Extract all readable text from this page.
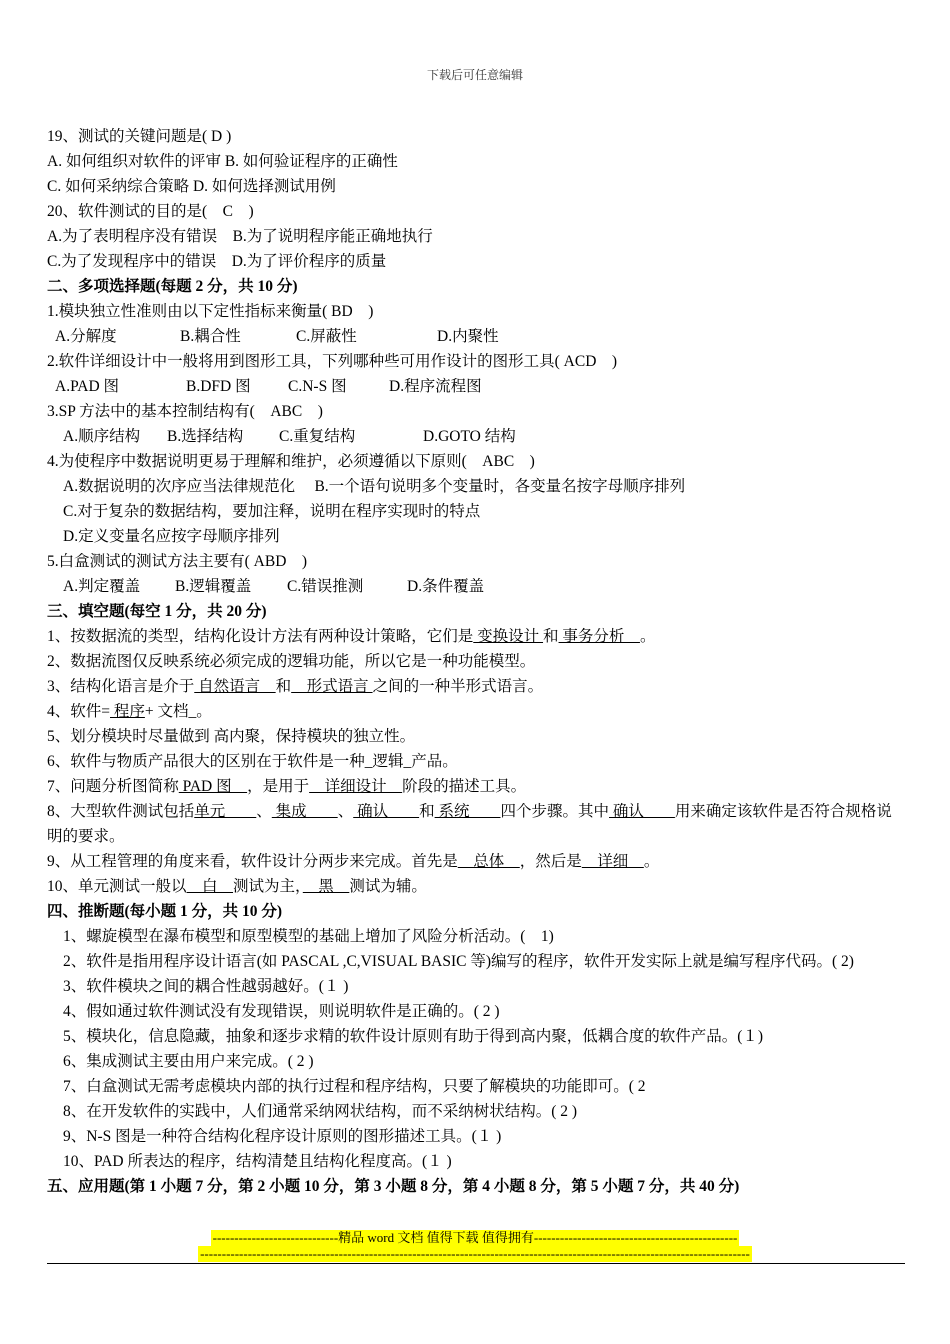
下载后可任意编辑
19、测试的关键问题是( D )
A. 如何组织对软件的评审 B. 如何验证程序的正确性
C. 如何采纳综合策略 D. 如何选择测试用例
20、软件测试的目的是(　C　)
A.为了表明程序没有错误　B.为了说明程序能正确地执行
C.为了发现程序中的错误　D.为了评价程序的质量
二、多项选择题(每题 2 分，共 10 分)
1.模块独立性准则由以下定性指标来衡量( BD　)
A.分解度	B.耦合性	C.屏蔽性	D.内聚性
2.软件详细设计中一般将用到图形工具，下列哪种些可用作设计的图形工具( ACD　)
A.PAD 图	B.DFD 图 C.N-S 图	D.程序流程图
3.SP 方法中的基本控制结构有(　ABC　)
A.顺序结构 B.选择结构 C.重复结构	D.GOTO 结构
4.为使程序中数据说明更易于理解和维护，必须遵循以下原则(　ABC　)
A.数据说明的次序应当法律规范化　 B.一个语句说明多个变量时，各变量名按字母顺序排列
C.对于复杂的数据结构，要加注释，说明在程序实现时的特点
D.定义变量名应按字母顺序排列
5.白盒测试的测试方法主要有( ABD　)
A.判定覆盖 B.逻辑覆盖 C.错误推测	D.条件覆盖
三、填空题(每空 1 分，共 20 分)
1、按数据流的类型，结构化设计方法有两种设计策略，它们是 变换设计 和 事务分析　。
2、数据流图仅反映系统必须完成的逻辑功能，所以它是一种功能模型。
3、结构化语言是介于 自然语言　和　形式语言 之间的一种半形式语言。
4、软件= 程序+ 文档_。
5、划分模块时尽量做到 高内聚，保持模块的独立性。
6、软件与物质产品很大的区别在于软件是一种_逻辑_产品。
7、问题分析图简称 PAD 图　，是用于　详细设计　阶段的描述工具。
8、大型软件测试包括单元　　、 集成　　、 确认　　和 系统　　四个步骤。其中 确认　　用来确定该软件是否符合规格说明的要求。
9、从工程管理的角度来看，软件设计分两步来完成。首先是　总体　，然后是　详细　。
10、单元测试一般以　白　测试为主，　黑　测试为辅。
四、推断题(每小题 1 分，共 10 分)
1、螺旋模型在瀑布模型和原型模型的基础上增加了风险分析活动。(　1)
2、软件是指用程序设计语言(如 PASCAL ,C,VISUAL BASIC 等)编写的程序，软件开发实际上就是编写程序代码。( 2)
3、软件模块之间的耦合性越弱越好。(１ )
4、假如通过软件测试没有发现错误，则说明软件是正确的。( 2 )
5、模块化，信息隐藏，抽象和逐步求精的软件设计原则有助于得到高内聚，低耦合度的软件产品。(１)
6、集成测试主要由用户来完成。( 2 )
7、白盒测试无需考虑模块内部的执行过程和程序结构，只要了解模块的功能即可。( 2
8、在开发软件的实践中，人们通常采纳网状结构，而不采纳树状结构。( 2 )
9、N-S 图是一种符合结构化程序设计原则的图形描述工具。(１ )
10、PAD 所表达的程序，结构清楚且结构化程度高。(１ )
五、应用题(第 1 小题 7 分，第 2 小题 10 分，第 3 小题 8 分，第 4 小题 8 分，第 5 小题 7 分，共 40 分)
-----------------------------精品 word 文档 值得下载 值得拥有-----------------------------------------------
-------------------------------------------------------------------------------------------------------------------------------
